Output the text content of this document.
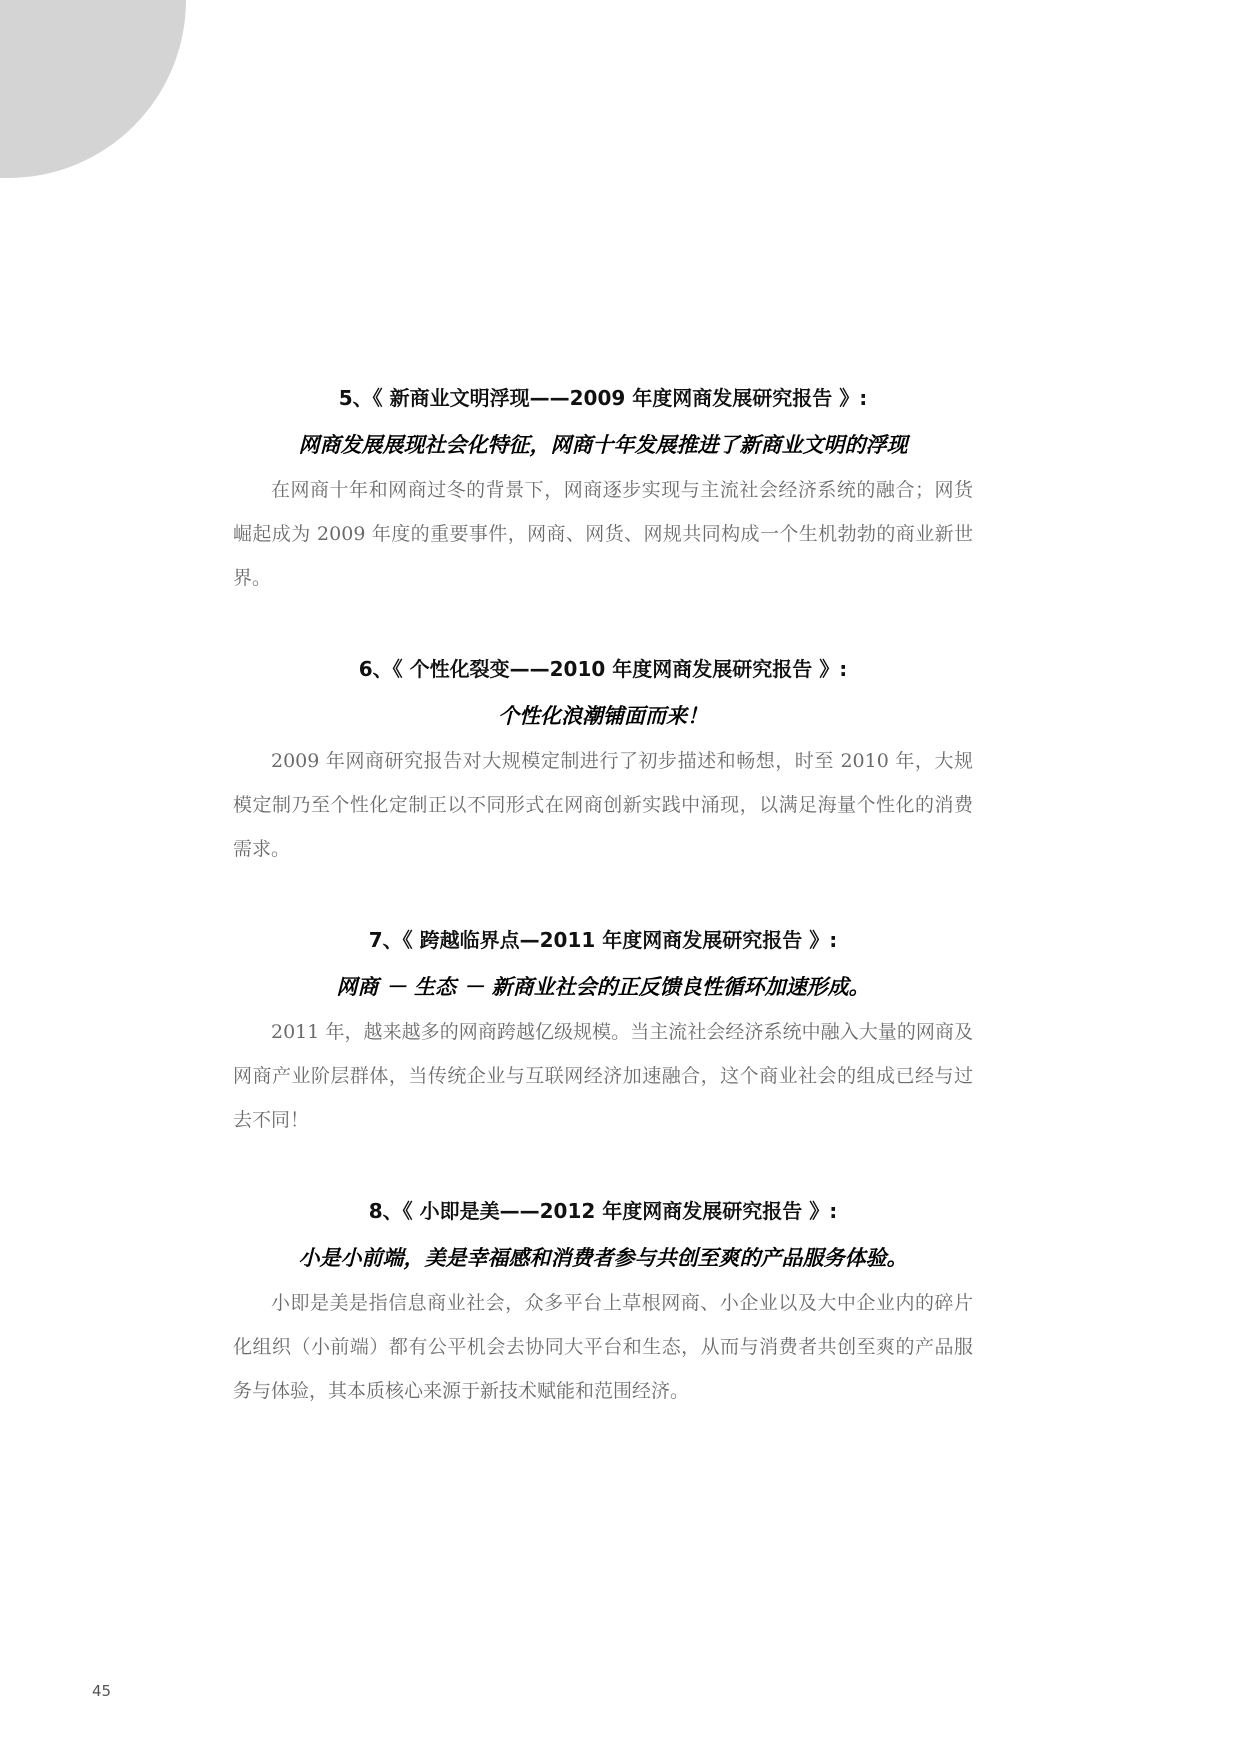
5、《 新商业文明浮现——2009 年度网商发展研究报告 》:
网商发展展现社会化特征，网商十年发展推进了新商业文明的浮现
在网商十年和网商过冬的背景下，网商逐步实现与主流社会经济系统的融合；网货崛起成为 2009 年度的重要事件，网商、网货、网规共同构成一个生机勃勃的商业新世界。
6、《 个性化裂变——2010 年度网商发展研究报告 》:
个性化浪潮铺面而来！
2009 年网商研究报告对大规模定制进行了初步描述和畅想，时至 2010 年，大规模定制乃至个性化定制正以不同形式在网商创新实践中涌现，以满足海量个性化的消费需求。
7、《 跨越临界点—2011 年度网商发展研究报告 》:
网商 － 生态 － 新商业社会的正反馈良性循环加速形成。
2011 年，越来越多的网商跨越亿级规模。当主流社会经济系统中融入大量的网商及网商产业阶层群体，当传统企业与互联网经济加速融合，这个商业社会的组成已经与过去不同！
8、《 小即是美——2012 年度网商发展研究报告 》:
小是小前端，美是幸福感和消费者参与共创至爽的产品服务体验。
小即是美是指信息商业社会，众多平台上草根网商、小企业以及大中企业内的碎片化组织（小前端）都有公平机会去协同大平台和生态，从而与消费者共创至爽的产品服务与体验，其本质核心来源于新技术赋能和范围经济。
45
